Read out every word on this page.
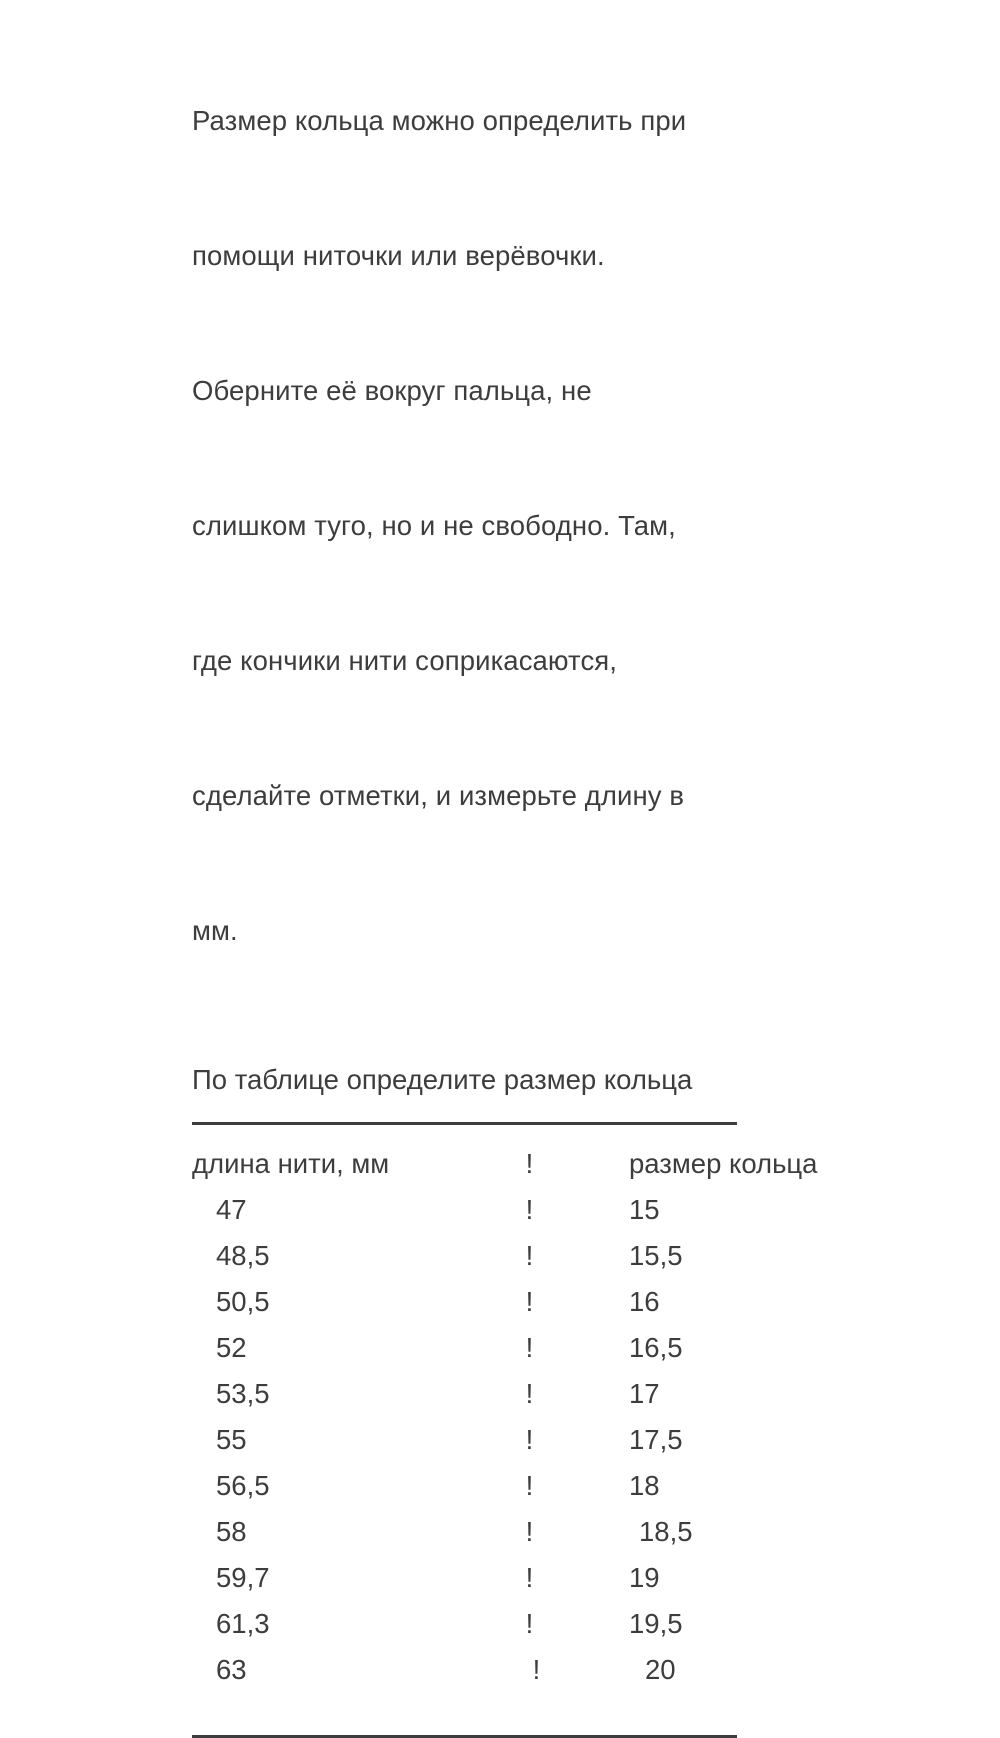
Размер кольца можно определить при

помощи ниточки или верёвочки.

Оберните её вокруг пальца, не

слишком туго, но и не свободно. Там,

где кончики нити соприкасаются,

сделайте отметки, и измерьте длину в

мм.

По таблице определите размер кольца
длина нити, мм	!	размер кольца
47	!	15
48,5	!	15,5
50,5	!	16
52	!	16,5
53,5	!	17
55	!	17,5
56,5	!	18
58	!	18,5
59,7	!	19
61,3	!	19,5
63	!	20
